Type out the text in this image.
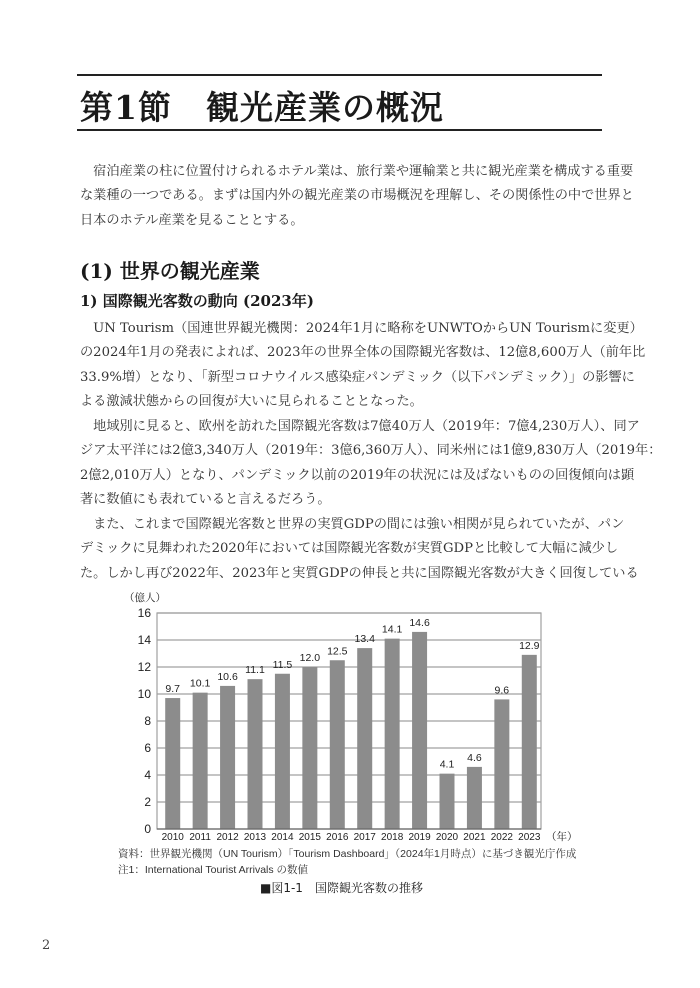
第1節　観光産業の概況
　宿泊産業の柱に位置付けられるホテル業は、旅行業や運輸業と共に観光産業を構成する重要
な業種の一つである。まずは国内外の観光産業の市場概況を理解し、その関係性の中で世界と
日本のホテル産業を見ることとする。
(1) 世界の観光産業
1) 国際観光客数の動向 (2023年)
　UN Tourism（国連世界観光機関：2024年1月に略称をUNWTOからUN Tourismに変更）
の2024年1月の発表によれば、2023年の世界全体の国際観光客数は、12億8,600万人（前年比
33.9%増）となり、「新型コロナウイルス感染症パンデミック（以下パンデミック）」の影響に
よる激減状態からの回復が大いに見られることとなった。
　地域別に見ると、欧州を訪れた国際観光客数は7億40万人（2019年：7億4,230万人）、同ア
ジア太平洋には2億3,340万人（2019年：3億6,360万人）、同米州には1億9,830万人（2019年：
2億2,010万人）となり、パンデミック以前の2019年の状況には及ばないものの回復傾向は顕
著に数値にも表れていると言えるだろう。
　また、これまで国際観光客数と世界の実質GDPの間には強い相関が見られていたが、パン
デミックに見舞われた2020年においては国際観光客数が実質GDPと比較して大幅に減少し
た。しかし再び2022年、2023年と実質GDPの伸長と共に国際観光客数が大きく回復している
9.7 10.1
10.6
11.1 11.5
12.0
12.5
13.4
14.1
14.6
4.1
4.6
9.6
12.9
0
2
4
6
8
10
12
14
16
2010 2011 2012 2013 2014 2015 2016 2017 2018 2019 2020 2021 2022 2023
（億人）
（年）
資料：世界観光機関（UN Tourism）「Tourism Dashboard」（2024年1月時点）に基づき観光庁作成
注1：International Tourist Arrivals の数値
■図1-1　国際観光客数の推移
2
